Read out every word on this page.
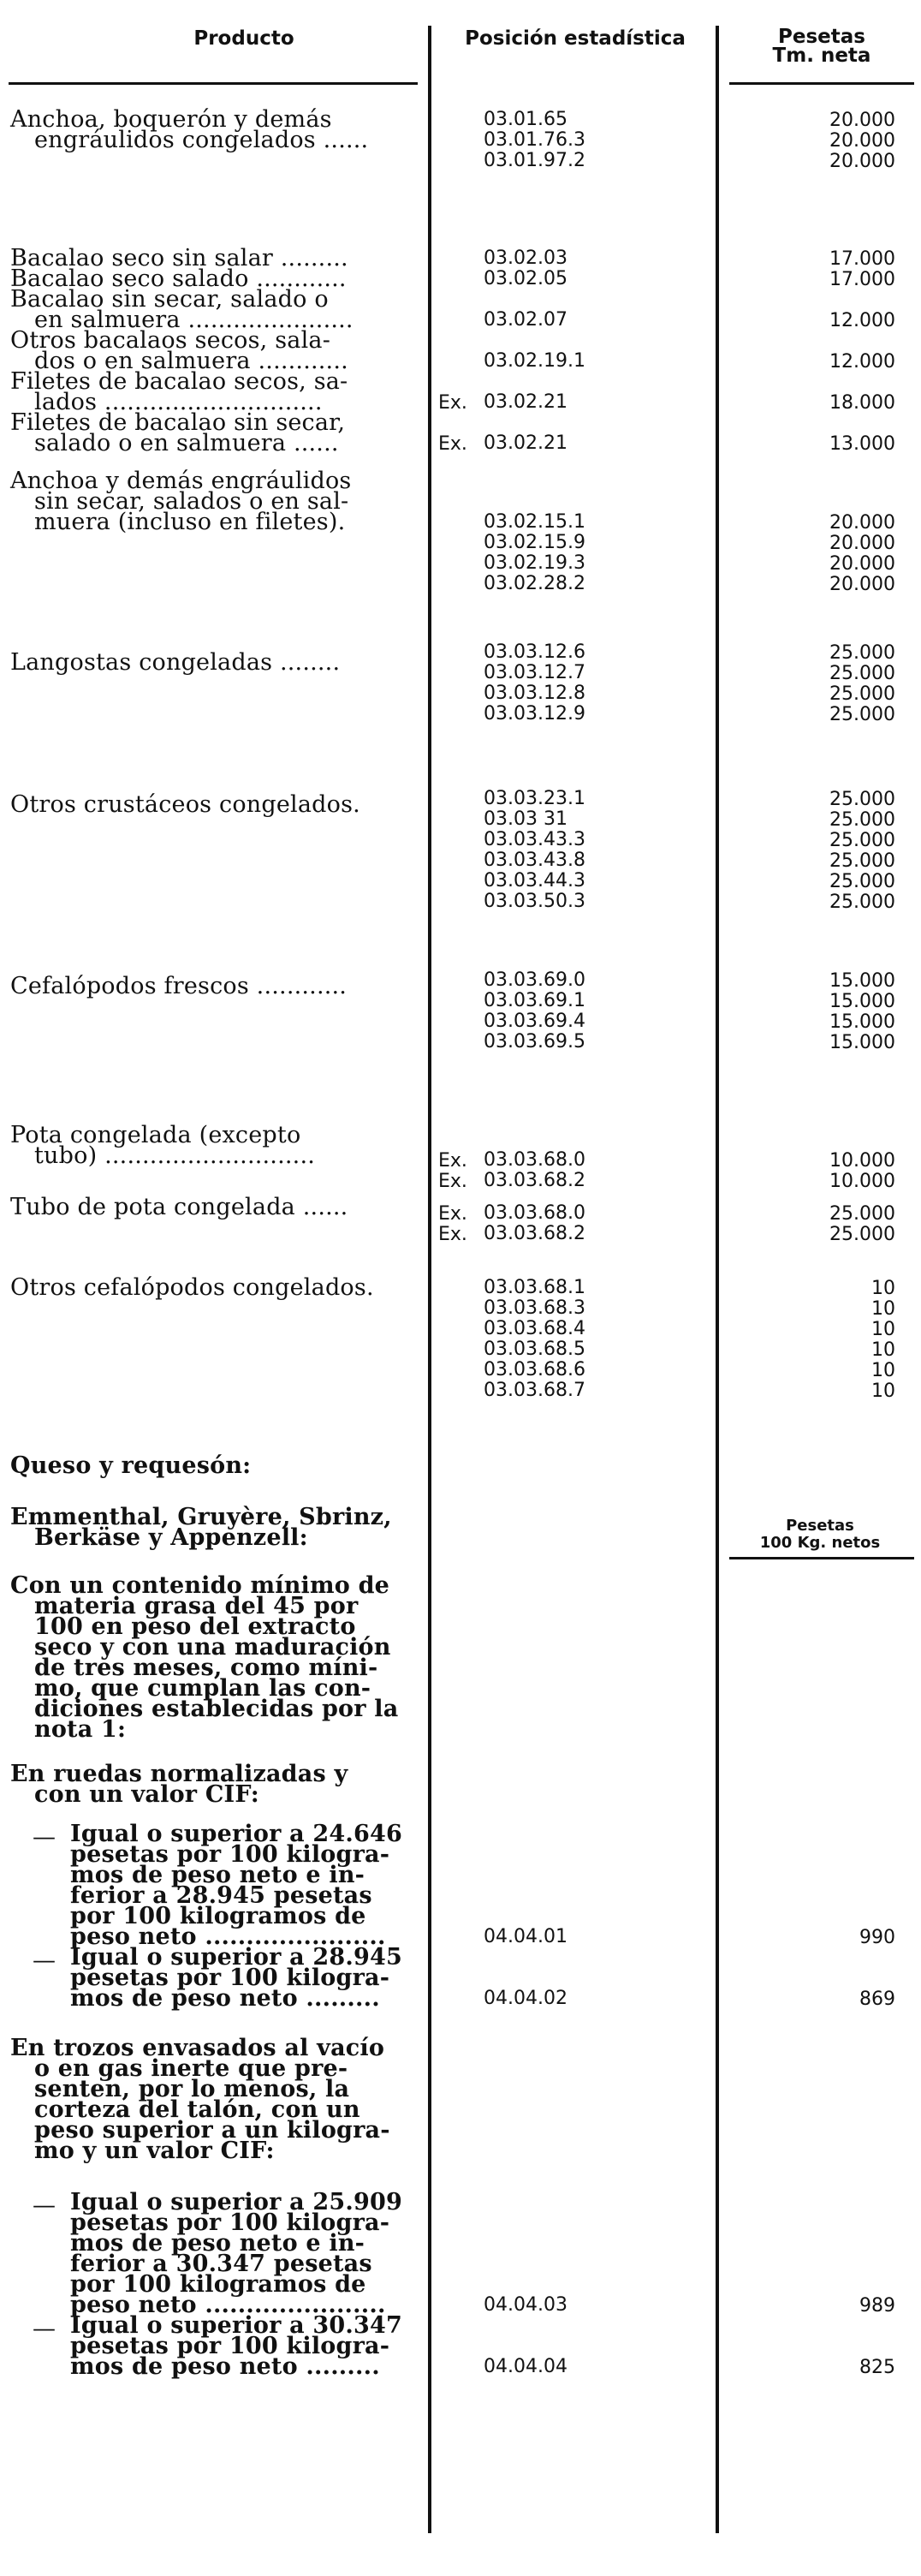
Producto	Posición estadística	Pesetas
Tm. neta
Pesetas
100 Kg. netos
Anchoa, boquerón y demás
engráulidos congelados ......
03.01.65	20.000
03.01.76.3	20.000
03.01.97.2	20.000
Bacalao seco sin salar .........	03.02.03	17.000
Bacalao seco salado ............	03.02.05	17.000
Bacalao sin secar, salado o
en salmuera ......................	03.02.07	12.000
Otros bacalaos secos, sala-
dos o en salmuera ............	03.02.19.1	12.000
Filetes de bacalao secos, sa-
lados .............................	Ex. 03.02.21	18.000
Filetes de bacalao sin secar,
salado o en salmuera ......	Ex. 03.02.21	13.000
Anchoa y demás engráulidos
sin secar, salados o en sal-
muera (incluso en filetes).	03.02.15.1	20.000
03.02.15.9	20.000
03.02.19.3	20.000
03.02.28.2	20.000
Langostas congeladas ........	03.03.12.6	25.000
03.03.12.7	25.000
03.03.12.8	25.000
03.03.12.9	25.000
Otros crustáceos congelados.	03.03.23.1	25.000
03.03 31	25.000
03.03.43.3	25.000
03.03.43.8	25.000
03.03.44.3	25.000
03.03.50.3	25.000
Cefalópodos frescos ............	03.03.69.0	15.000
03.03.69.1	15.000
03.03.69.4	15.000
03.03.69.5	15.000
Pota congelada (excepto
tubo) ............................	Ex. 03.03.68.0	10.000
Ex. 03.03.68.2	10.000
Tubo de pota congelada ......	Ex. 03.03.68.0	25.000
Ex. 03.03.68.2	25.000
Otros cefalópodos congelados.	03.03.68.1	10
03.03.68.3	10
03.03.68.4	10
03.03.68.5	10
03.03.68.6	10
03.03.68.7	10
Queso y requesón:
Emmenthal, Gruyère, Sbrinz,
Berkäse y Appenzell:
Con un contenido mínimo de
materia grasa del 45 por
100 en peso del extracto
seco y con una maduración
de tres meses, como míni-
mo, que cumplan las con-
diciones establecidas por la
nota 1:
En ruedas normalizadas y
con un valor CIF:
— Igual o superior a 24.646
pesetas por 100 kilogra-
mos de peso neto e in-
ferior a 28.945 pesetas
por 100 kilogramos de
peso neto ......................	04.04.01	990
— Igual o superior a 28.945
pesetas por 100 kilogra-
mos de peso neto .........	04.04.02	869
En trozos envasados al vacío
o en gas inerte que pre-
senten, por lo menos, la
corteza del talón, con un
peso superior a un kilogra-
mo y un valor CIF:
— Igual o superior a 25.909
pesetas por 100 kilogra-
mos de peso neto e in-
ferior a 30.347 pesetas
por 100 kilogramos de
peso neto ......................	04.04.03	989
— Igual o superior a 30.347
pesetas por 100 kilogra-
mos de peso neto .........	04.04.04	825
